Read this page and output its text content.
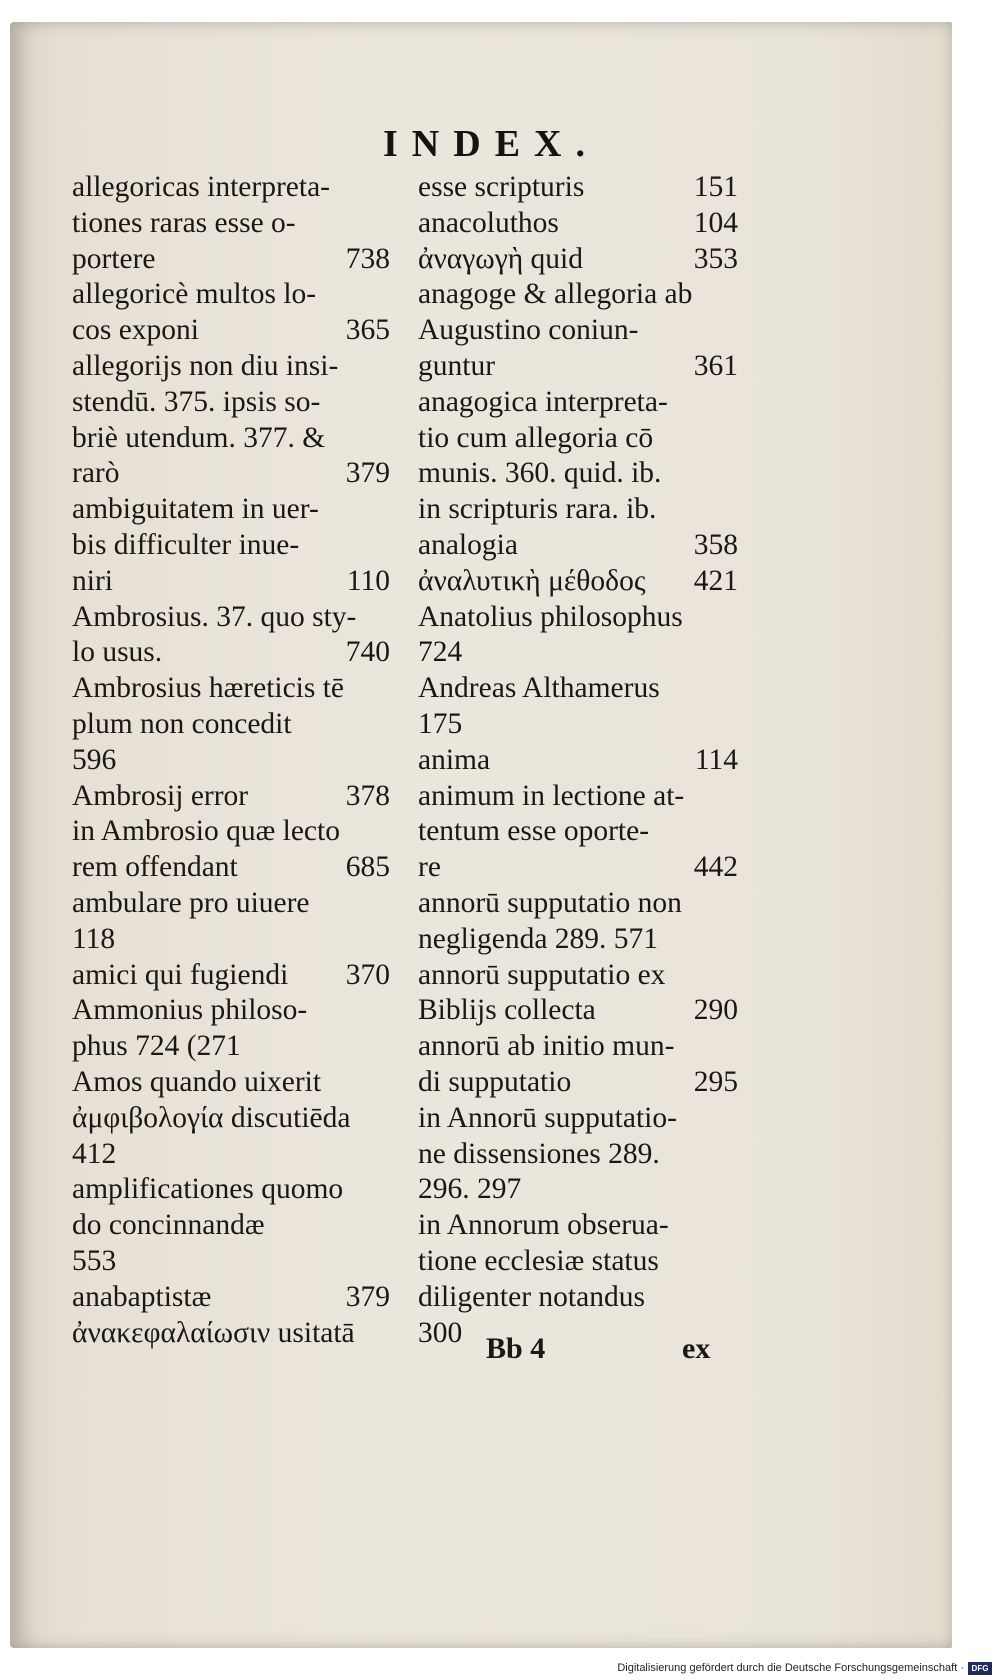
INDEX.
allegoricas interpreta-
tiones raras esse o-
portere	738
allegoricè multos lo-
cos exponi	365
allegorijs non diu insi-
stendū. 375. ipsis so-
briè utendum. 377. &
rarò	379
ambiguitatem in uer-
bis difficulter inue-
niri	110
Ambrosius. 37. quo sty-
lo usus.	740
Ambrosius hæreticis tē
plum non concedit
596
Ambrosij error	378
in Ambrosio quæ lecto
rem offendant	685
ambulare pro uiuere
118
amici qui fugiendi 370
Ammonius philoso-
phus 724 (271
Amos quando uixerit
ἀμφιβολογία discutiēda
412
amplificationes quomo
do concinnandæ
553
anabaptistæ	379
ἀνακεφαλαίωσιν usitatā
esse scripturis	151
anacoluthos	104
ἀναγωγὴ quid	353
anagoge & allegoria ab
Augustino coniun-
guntur	361
anagogica interpreta-
tio cum allegoria cō
munis. 360. quid. ib.
in scripturis rara. ib.
analogia	358
ἀναλυτικὴ μέθοδος 421
Anatolius philosophus
724
Andreas Althamerus
175
anima	114
animum in lectione at-
tentum esse oporte-
re	442
annorū supputatio non
negligenda 289. 571
annorū supputatio ex
Biblijs collecta	290
annorū ab initio mun-
di supputatio	295
in Annorū supputatio-
ne dissensiones 289.
296. 297
in Annorum obserua-
tione ecclesiæ status
diligenter notandus
300 Bb 4	ex
Digitalisierung gefördert durch die Deutsche Forschungsgemeinschaft · DFG
